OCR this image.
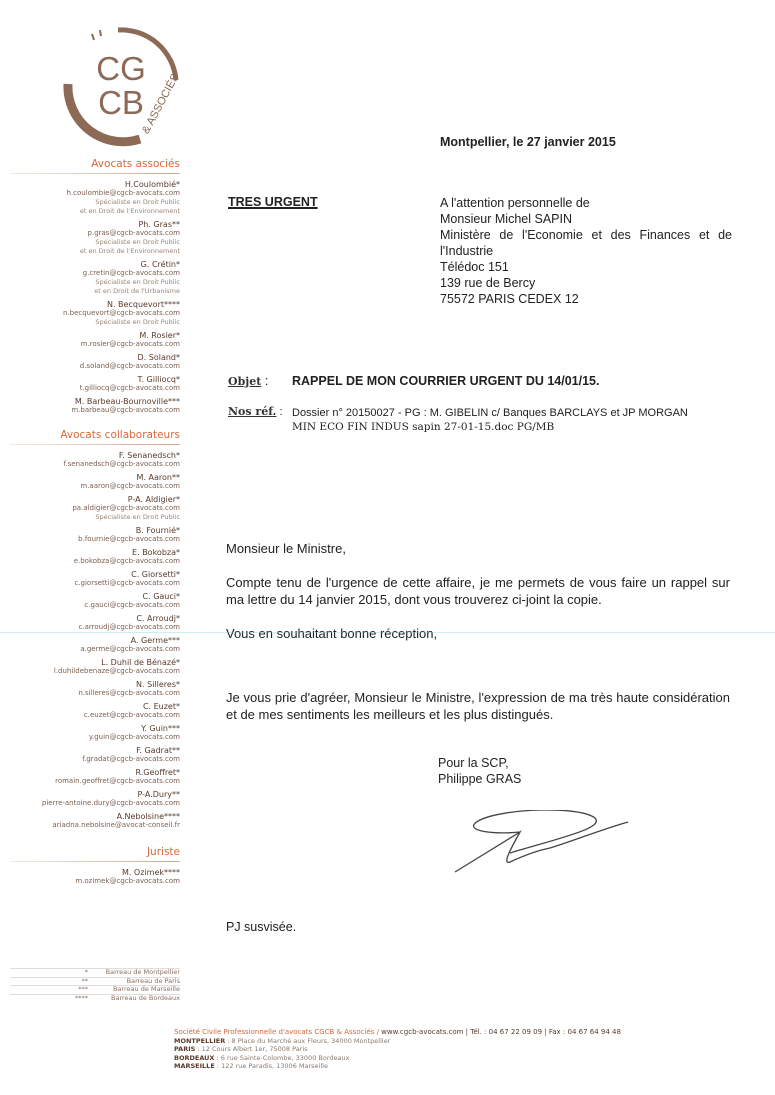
CG
CB
AVOCATS & ASSOCIÉS
Avocats associés
H.Coulombié*
h.coulombie@cgcb-avocats.com
Spécialiste en Droit Public
et en Droit de l'Environnement
Ph. Gras**
p.gras@cgcb-avocats.com
Spécialiste en Droit Public
et en Droit de l'Environnement
G. Crétin*
g.cretin@cgcb-avocats.com
Spécialiste en Droit Public
et en Droit de l'Urbanisme
N. Becquevort****
n.becquevort@cgcb-avocats.com
Spécialiste en Droit Public
M. Rosier*
m.rosier@cgcb-avocats.com
D. Soland*
d.soland@cgcb-avocats.com
T. Gilliocq*
t.gilliocq@cgcb-avocats.com
M. Barbeau-Bournoville***
m.barbeau@cgcb-avocats.com
Avocats collaborateurs
F. Senanedsch*
f.senanedsch@cgcb-avocats.com
M. Aaron**
m.aaron@cgcb-avocats.com
P-A. Aldigier*
pa.aldigier@cgcb-avocats.com
Spécialiste en Droit Public
B. Fournié*
b.fournie@cgcb-avocats.com
E. Bokobza*
e.bokobza@cgcb-avocats.com
C. Giorsetti*
c.giorsetti@cgcb-avocats.com
C. Gauci*
c.gauci@cgcb-avocats.com
C. Arroudj*
c.arroudj@cgcb-avocats.com
A. Germe***
a.germe@cgcb-avocats.com
L. Duhil de Bénazé*
l.duhildebenaze@cgcb-avocats.com
N. Silleres*
n.silleres@cgcb-avocats.com
C. Euzet*
c.euzet@cgcb-avocats.com
Y. Guin***
y.guin@cgcb-avocats.com
F. Gadrat**
f.gradat@cgcb-avocats.com
R.Geoffret*
romain.geoffret@cgcb-avocats.com
P-A.Dury**
pierre-antoine.dury@cgcb-avocats.com
A.Nebolsine****
ariadna.nebolsine@avocat-conseil.fr
Juriste
M. Ozimek****
m.ozimek@cgcb-avocats.com
*	Barreau de Montpellier
**	Barreau de Paris
***	Barreau de Marseille
****	Barreau de Bordeaux
Montpellier, le 27 janvier 2015
TRES URGENT	A l'attention personnelle de
Monsieur Michel SAPIN
Ministère de l'Economie et des Finances et de l'Industrie
Télédoc 151
139 rue de Bercy
75572 PARIS CEDEX 12
Objet : RAPPEL DE MON COURRIER URGENT DU 14/01/15.
Nos réf. : Dossier n° 20150027 - PG : M. GIBELIN c/ Banques BARCLAYS et JP MORGAN
MIN ECO FIN INDUS sapin 27-01-15.doc PG/MB
Monsieur le Ministre,
Compte tenu de l'urgence de cette affaire, je me permets de vous faire un rappel sur ma lettre du 14 janvier 2015, dont vous trouverez ci-joint la copie.
Vous en souhaitant bonne réception,
Je vous prie d'agréer, Monsieur le Ministre, l'expression de ma très haute considération et de mes sentiments les meilleurs et les plus distingués.
Pour la SCP,
Philippe GRAS
PJ susvisée.
Société Civile Professionnelle d'avocats CGCB & Associés / www.cgcb-avocats.com | Tél. : 04 67 22 09 09 | Fax : 04 67 64 94 48
MONTPELLIER : 8 Place du Marché aux Fleurs, 34000 Montpellier
PARIS : 12 Cours Albert 1er, 75008 Paris
BORDEAUX : 6 rue Sainte-Colombe, 33000 Bordeaux
MARSEILLE : 122 rue Paradis, 13006 Marseille
